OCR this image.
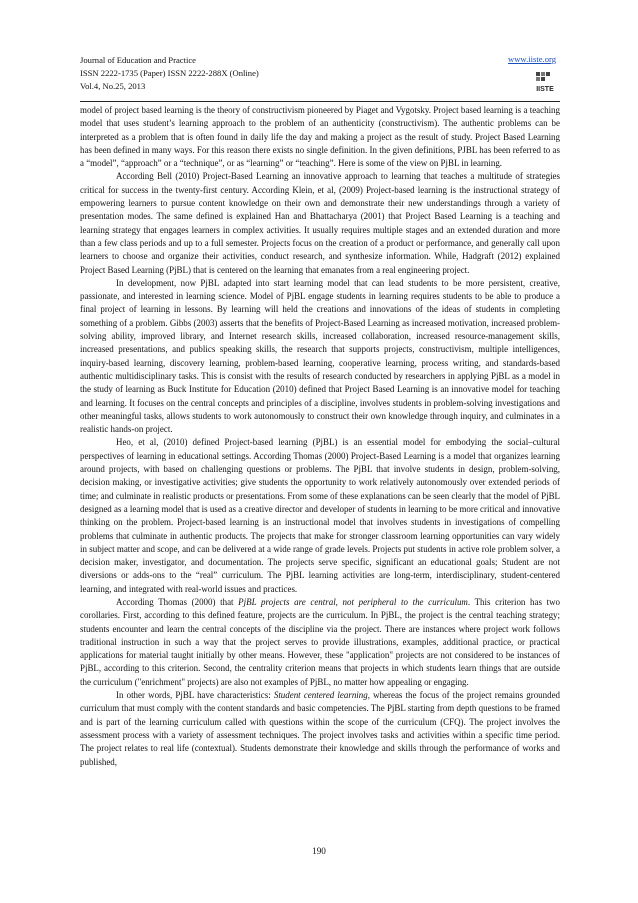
Journal of Education and Practice
ISSN 2222-1735 (Paper) ISSN 2222-288X (Online)
Vol.4, No.25, 2013
www.iiste.org
IISTE

model of project based learning is the theory of constructivism pioneered by Piaget and Vygotsky. Project based learning is a teaching model that uses student’s learning approach to the problem of an authenticity (constructivism). The authentic problems can be interpreted as a problem that is often found in daily life the day and making a project as the result of study. Project Based Learning has been defined in many ways. For this reason there exists no single definition. In the given definitions, PJBL has been referred to as a “model”, “approach” or a “technique”, or as “learning” or “teaching”. Here is some of the view on PjBL in learning.

According Bell (2010) Project-Based Learning an innovative approach to learning that teaches a multitude of strategies critical for success in the twenty-first century. According Klein, et al, (2009) Project-based learning is the instructional strategy of empowering learners to pursue content knowledge on their own and demonstrate their new understandings through a variety of presentation modes. The same defined is explained Han and Bhattacharya (2001) that Project Based Learning is a teaching and learning strategy that engages learners in complex activities. It usually requires multiple stages and an extended duration and more than a few class periods and up to a full semester. Projects focus on the creation of a product or performance, and generally call upon learners to choose and organize their activities, conduct research, and synthesize information. While, Hadgraft (2012) explained Project Based Learning (PjBL) that is centered on the learning that emanates from a real engineering project.

In development, now PjBL adapted into start learning model that can lead students to be more persistent, creative, passionate, and interested in learning science. Model of PjBL engage students in learning requires students to be able to produce a final project of learning in lessons. By learning will held the creations and innovations of the ideas of students in completing something of a problem. Gibbs (2003) asserts that the benefits of Project-Based Learning as increased motivation, increased problem-solving ability, improved library, and Internet research skills, increased collaboration, increased resource-management skills, increased presentations, and publics speaking skills, the research that supports projects, constructivism, multiple intelligences, inquiry-based learning, discovery learning, problem-based learning, cooperative learning, process writing, and standards-based authentic multidisciplinary tasks. This is consist with the results of research conducted by researchers in applying PjBL as a model in the study of learning as Buck Institute for Education (2010) defined that Project Based Learning is an innovative model for teaching and learning. It focuses on the central concepts and principles of a discipline, involves students in problem-solving investigations and other meaningful tasks, allows students to work autonomously to construct their own knowledge through inquiry, and culminates in a realistic hands-on project.

Heo, et al, (2010) defined Project-based learning (PjBL) is an essential model for embodying the social–cultural perspectives of learning in educational settings. According Thomas (2000) Project-Based Learning is a model that organizes learning around projects, with based on challenging questions or problems. The PjBL that involve students in design, problem-solving, decision making, or investigative activities; give students the opportunity to work relatively autonomously over extended periods of time; and culminate in realistic products or presentations. From some of these explanations can be seen clearly that the model of PjBL designed as a learning model that is used as a creative director and developer of students in learning to be more critical and innovative thinking on the problem. Project-based learning is an instructional model that involves students in investigations of compelling problems that culminate in authentic products. The projects that make for stronger classroom learning opportunities can vary widely in subject matter and scope, and can be delivered at a wide range of grade levels. Projects put students in active role problem solver, a decision maker, investigator, and documentation. The projects serve specific, significant an educational goals; Student are not diversions or adds-ons to the “real” curriculum. The PjBL learning activities are long-term, interdisciplinary, student-centered learning, and integrated with real-world issues and practices.

According Thomas (2000) that PjBL projects are central, not peripheral to the curriculum. This criterion has two corollaries. First, according to this defined feature, projects are the curriculum. In PjBL, the project is the central teaching strategy; students encounter and learn the central concepts of the discipline via the project. There are instances where project work follows traditional instruction in such a way that the project serves to provide illustrations, examples, additional practice, or practical applications for material taught initially by other means. However, these "application" projects are not considered to be instances of PjBL, according to this criterion. Second, the centrality criterion means that projects in which students learn things that are outside the curriculum ("enrichment" projects) are also not examples of PjBL, no matter how appealing or engaging.

In other words, PjBL have characteristics: Student centered learning, whereas the focus of the project remains grounded curriculum that must comply with the content standards and basic competencies. The PjBL starting from depth questions to be framed and is part of the learning curriculum called with questions within the scope of the curriculum (CFQ). The project involves the assessment process with a variety of assessment techniques. The project involves tasks and activities within a specific time period. The project relates to real life (contextual). Students demonstrate their knowledge and skills through the performance of works and published,

190
